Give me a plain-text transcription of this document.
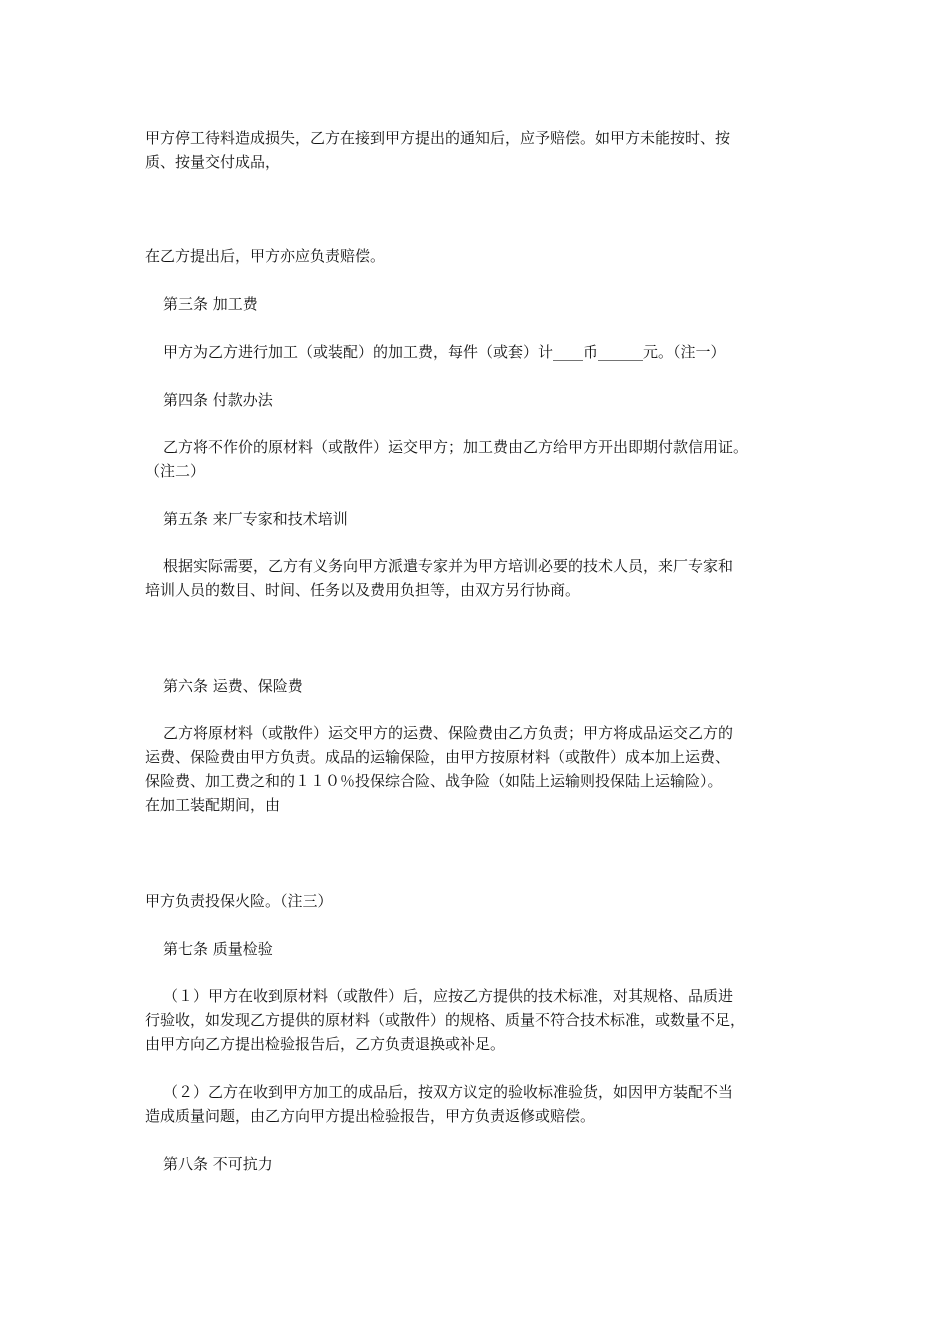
甲方停工待料造成损失，乙方在接到甲方提出的通知后，应予赔偿。如甲方未能按时、按
质、按量交付成品，
在乙方提出后，甲方亦应负责赔偿。
第三条 加工费
甲方为乙方进行加工（或装配）的加工费，每件（或套）计____币______元。（注一）
第四条 付款办法
乙方将不作价的原材料（或散件）运交甲方；加工费由乙方给甲方开出即期付款信用证。
（注二）
第五条 来厂专家和技术培训
根据实际需要，乙方有义务向甲方派遣专家并为甲方培训必要的技术人员，来厂专家和
培训人员的数目、时间、任务以及费用负担等，由双方另行协商。
第六条 运费、保险费
乙方将原材料（或散件）运交甲方的运费、保险费由乙方负责；甲方将成品运交乙方的
运费、保险费由甲方负责。成品的运输保险，由甲方按原材料（或散件）成本加上运费、
保险费、加工费之和的１１０％投保综合险、战争险（如陆上运输则投保陆上运输险）。
在加工装配期间，由
甲方负责投保火险。（注三）
第七条 质量检验
（１）甲方在收到原材料（或散件）后，应按乙方提供的技术标准，对其规格、品质进
行验收，如发现乙方提供的原材料（或散件）的规格、质量不符合技术标准，或数量不足，
由甲方向乙方提出检验报告后，乙方负责退换或补足。
（２）乙方在收到甲方加工的成品后，按双方议定的验收标准验货，如因甲方装配不当
造成质量问题，由乙方向甲方提出检验报告，甲方负责返修或赔偿。
第八条 不可抗力
